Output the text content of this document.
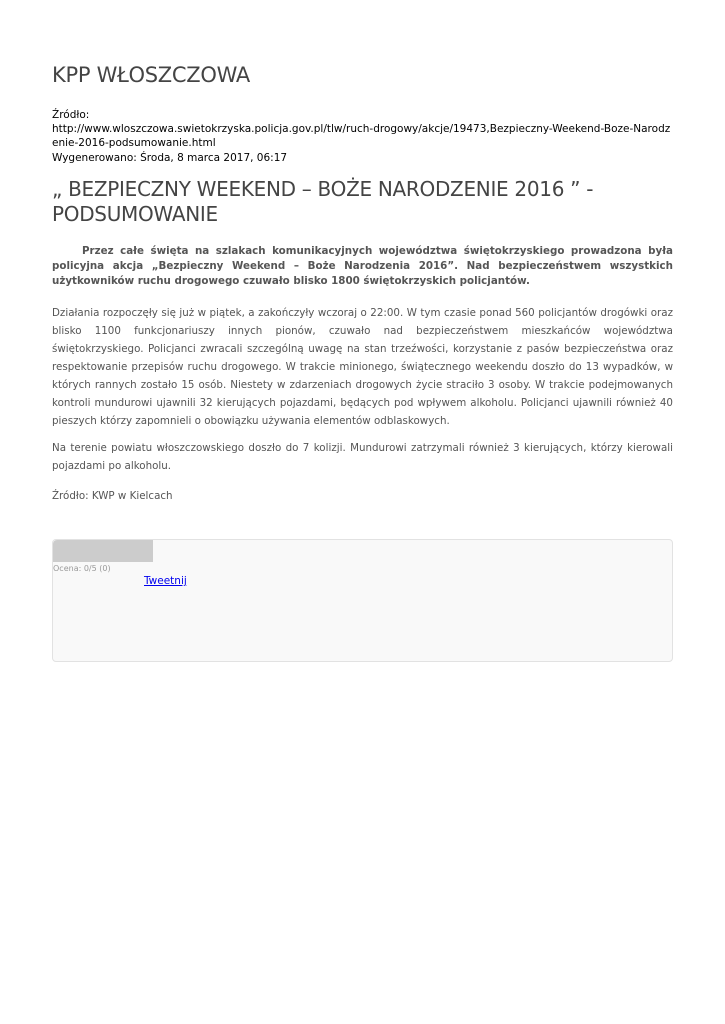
KPP WŁOSZCZOWA
Źródło:
http://www.wloszczowa.swietokrzyska.policja.gov.pl/tlw/ruch-drogowy/akcje/19473,Bezpieczny-Weekend-Boze-Narodzenie-2016-podsumowanie.html
Wygenerowano: Środa, 8 marca 2017, 06:17
„ BEZPIECZNY WEEKEND – BOŻE NARODZENIE 2016 ” - PODSUMOWANIE

Przez całe święta na szlakach komunikacyjnych województwa świętokrzyskiego prowadzona była policyjna akcja „Bezpieczny Weekend – Boże Narodzenia 2016”. Nad bezpieczeństwem wszystkich użytkowników ruchu drogowego czuwało blisko 1800 świętokrzyskich policjantów.

Działania rozpoczęły się już w piątek, a zakończyły wczoraj o 22:00. W tym czasie ponad 560 policjantów drogówki oraz blisko 1100 funkcjonariuszy innych pionów, czuwało nad bezpieczeństwem mieszkańców województwa świętokrzyskiego. Policjanci zwracali szczególną uwagę na stan trzeźwości, korzystanie z pasów bezpieczeństwa oraz respektowanie przepisów ruchu drogowego. W trakcie minionego, świątecznego weekendu doszło do 13 wypadków, w których rannych zostało 15 osób. Niestety w zdarzeniach drogowych życie straciło 3 osoby. W trakcie podejmowanych kontroli mundurowi ujawnili 32 kierujących pojazdami, będących pod wpływem alkoholu. Policjanci ujawnili również 40 pieszych którzy zapomnieli o obowiązku używania elementów odblaskowych.

Na terenie powiatu włoszczowskiego doszło do 7 kolizji. Mundurowi zatrzymali również 3 kierujących, którzy kierowali pojazdami po alkoholu.

Źródło: KWP w Kielcach

Ocena: 0/5 (0)
Tweetnij
